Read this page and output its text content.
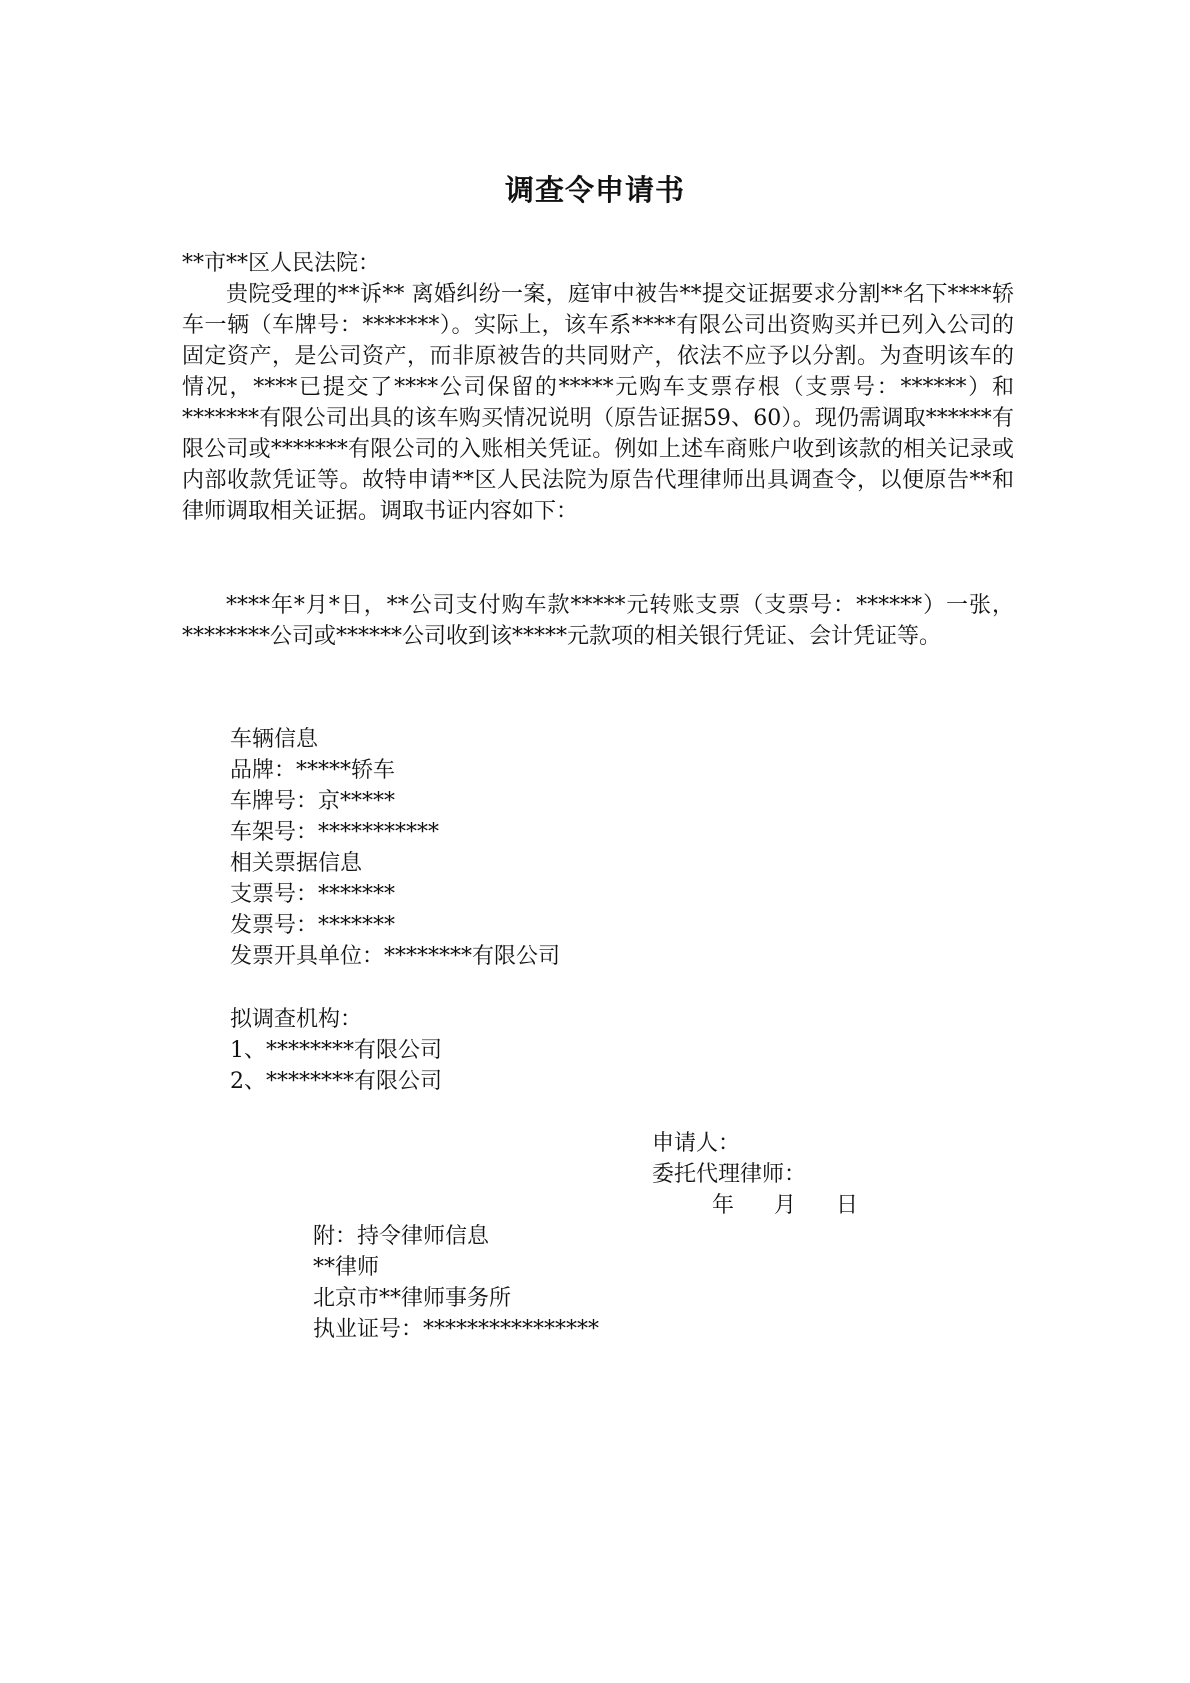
调查令申请书
**市**区人民法院：

贵院受理的**诉** 离婚纠纷一案，庭审中被告**提交证据要求分割**名下****轿车一辆（车牌号：*******）。实际上，该车系****有限公司出资购买并已列入公司的固定资产，是公司资产，而非原被告的共同财产，依法不应予以分割。为查明该车的情况，****已提交了****公司保留的*****元购车支票存根（支票号：******）和*******有限公司出具的该车购买情况说明（原告证据59、60）。现仍需调取******有限公司或*******有限公司的入账相关凭证。例如上述车商账户收到该款的相关记录或内部收款凭证等。故特申请**区人民法院为原告代理律师出具调查令，以便原告**和律师调取相关证据。调取书证内容如下：

****年*月*日，**公司支付购车款*****元转账支票（支票号：******）一张，********公司或******公司收到该*****元款项的相关银行凭证、会计凭证等。

车辆信息
品牌：*****轿车
车牌号：京*****
车架号：***********
相关票据信息
支票号：*******
发票号：*******
发票开具单位：********有限公司
拟调查机构：
1、********有限公司
2、********有限公司
申请人：
委托代理律师：
年 月 日
附：持令律师信息
**律师
北京市**律师事务所
执业证号：****************
